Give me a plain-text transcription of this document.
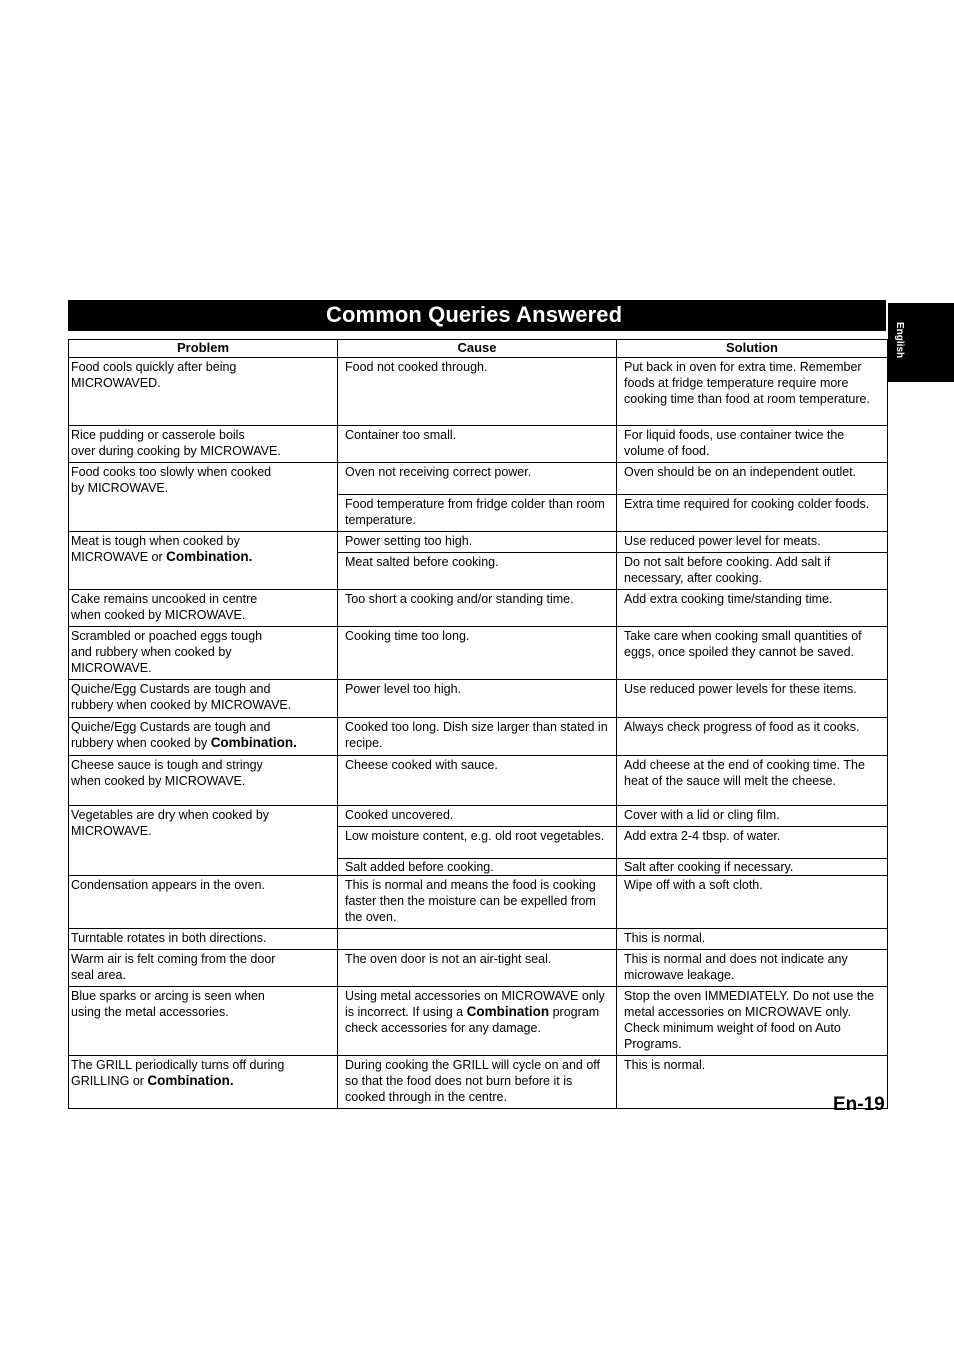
Common Queries Answered
English
Problem	Cause	Solution
Food cools quickly after being
MICROWAVED.	Food not cooked through.	Put back in oven for extra time. Remember foods at fridge temperature require more cooking time than food at room temperature.
Rice pudding or casserole boils
over during cooking by MICROWAVE.	Container too small.	For liquid foods, use container twice the volume of food.
Food cooks too slowly when cooked
by MICROWAVE.	Oven not receiving correct power.	Oven should be on an independent outlet.
	Food temperature from fridge colder than room temperature.	Extra time required for cooking colder foods.
Meat is tough when cooked by
MICROWAVE or Combination.	Power setting too high.	Use reduced power level for meats.
	Meat salted before cooking.	Do not salt before cooking. Add salt if necessary, after cooking.
Cake remains uncooked in centre
when cooked by MICROWAVE.	Too short a cooking and/or standing time.	Add extra cooking time/standing time.
Scrambled or poached eggs tough
and rubbery when cooked by
MICROWAVE.	Cooking time too long.	Take care when cooking small quantities of eggs, once spoiled they cannot be saved.
Quiche/Egg Custards are tough and
rubbery when cooked by MICROWAVE.	Power level too high.	Use reduced power levels for these items.
Quiche/Egg Custards are tough and
rubbery when cooked by Combination.	Cooked too long. Dish size larger than stated in recipe.	Always check progress of food as it cooks.
Cheese sauce is tough and stringy
when cooked by MICROWAVE.	Cheese cooked with sauce.	Add cheese at the end of cooking time. The heat of the sauce will melt the cheese.
Vegetables are dry when cooked by
MICROWAVE.	Cooked uncovered.	Cover with a lid or cling film.
	Low moisture content, e.g. old root vegetables.	Add extra 2-4 tbsp. of water.
	Salt added before cooking.	Salt after cooking if necessary.
Condensation appears in the oven.	This is normal and means the food is cooking faster then the moisture can be expelled from the oven.	Wipe off with a soft cloth.
Turntable rotates in both directions.		This is normal.
Warm air is felt coming from the door
seal area.	The oven door is not an air-tight seal.	This is normal and does not indicate any microwave leakage.
Blue sparks or arcing is seen when
using the metal accessories.	Using metal accessories on MICROWAVE only is incorrect. If using a Combination program check accessories for any damage.	Stop the oven IMMEDIATELY. Do not use the metal accessories on MICROWAVE only. Check minimum weight of food on Auto Programs.
The GRILL periodically turns off during
GRILLING or Combination.	During cooking the GRILL will cycle on and off so that the food does not burn before it is cooked through in the centre.	This is normal.
En-19
